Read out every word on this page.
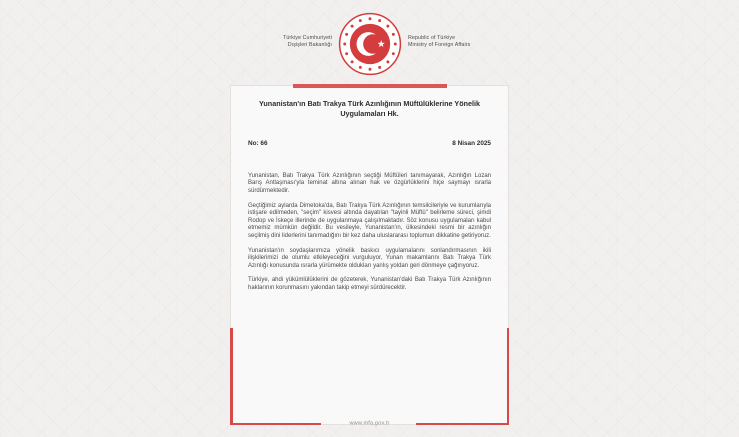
Türkiye Cumhuriyeti
Dışişleri Bakanlığı
Republic of Türkiye
Ministry of Foreign Affairs
Yunanistan'ın Batı Trakya Türk Azınlığının Müftülüklerine Yönelik Uygulamaları Hk.
No: 66	8 Nisan 2025

Yunanistan, Batı Trakya Türk Azınlığının seçtiği Müftüleri tanımayarak, Azınlığın Lozan Barış Antlaşması'yla teminat altına alınan hak ve özgürlüklerini hiçe saymayı ısrarla sürdürmektedir.

Geçtiğimiz aylarda Dimetoka'da, Batı Trakya Türk Azınlığının temsilcileriyle ve kurumlarıyla istişare edilmeden, "seçim" kisvesi altında dayatılan "tayinli Müftü" belirleme süreci, şimdi Rodop ve İskeçe illerinde de uygulanmaya çalışılmaktadır. Söz konusu uygulamaları kabul etmemiz mümkün değildir. Bu vesileyle, Yunanistan'ın, ülkesindeki resmi bir azınlığın seçilmiş dini liderlerini tanımadığını bir kez daha uluslararası toplumun dikkatine getiriyoruz.

Yunanistan'ın soydaşlarımıza yönelik baskıcı uygulamalarını sonlandırmasının ikili ilişkilerimizi de olumlu etkileyeceğini vurguluyor, Yunan makamlarını Batı Trakya Türk Azınlığı konusunda ısrarla yürümekte oldukları yanlış yoldan geri dönmeye çağırıyoruz.

Türkiye, ahdi yükümlülüklerini de gözeterek, Yunanistan'daki Batı Trakya Türk Azınlığının haklarının korunmasını yakından takip etmeyi sürdürecektir.

www.mfa.gov.tr
